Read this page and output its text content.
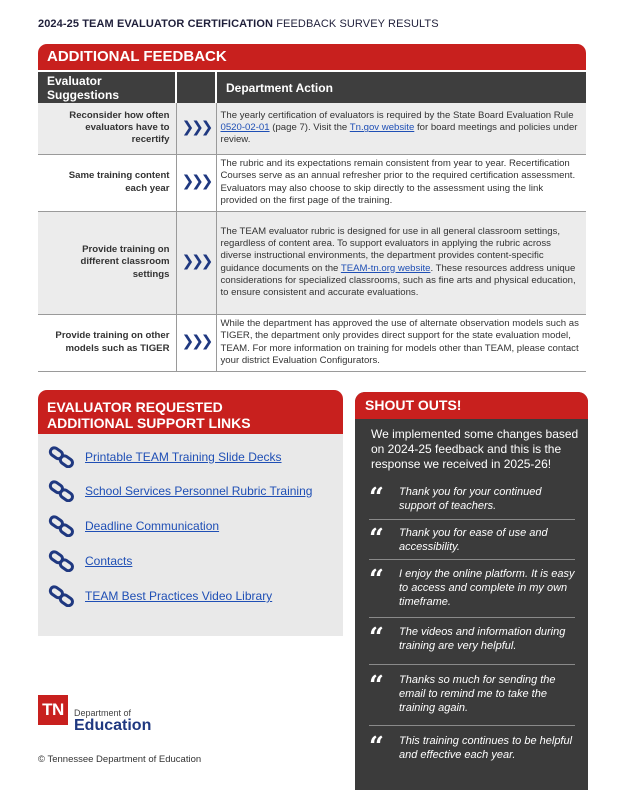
2024-25 TEAM EVALUATOR CERTIFICATION FEEDBACK SURVEY RESULTS
ADDITIONAL FEEDBACK
Evaluator Suggestions		Department Action
Reconsider how often evaluators have to recertify	❯❯❯	The yearly certification of evaluators is required by the State Board Evaluation Rule 0520-02-01 (page 7). Visit the Tn.gov website for board meetings and policies under review.
Same training content each year	❯❯❯	The rubric and its expectations remain consistent from year to year. Recertification Courses serve as an annual refresher prior to the required certification assessment. Evaluators may also choose to skip directly to the assessment using the link provided on the first page of the training.
Provide training on different classroom settings	❯❯❯	The TEAM evaluator rubric is designed for use in all general classroom settings, regardless of content area. To support evaluators in applying the rubric across diverse instructional environments, the department provides content-specific guidance documents on the TEAM-tn.org website. These resources address unique considerations for specialized classrooms, such as fine arts and physical education, to ensure consistent and accurate evaluations.
Provide training on other models such as TIGER	❯❯❯	While the department has approved the use of alternate observation models such as TIGER, the department only provides direct support for the state evaluation model, TEAM. For more information on training for models other than TEAM, please contact your district Evaluation Configurators.
EVALUATOR REQUESTED
ADDITIONAL SUPPORT LINKS
Printable TEAM Training Slide Decks
School Services Personnel Rubric Training
Deadline Communication
Contacts
TEAM Best Practices Video Library
TN	Department of
Education
© Tennessee Department of Education
SHOUT OUTS!
We implemented some changes based on 2024-25 feedback and this is the response we received in 2025-26!
“ Thank you for your continued support of teachers.
“ Thank you for ease of use and accessibility.
“ I enjoy the online platform. It is easy to access and complete in my own timeframe.
“ The videos and information during training are very helpful.
“ Thanks so much for sending the email to remind me to take the training again.
“ This training continues to be helpful and effective each year.
